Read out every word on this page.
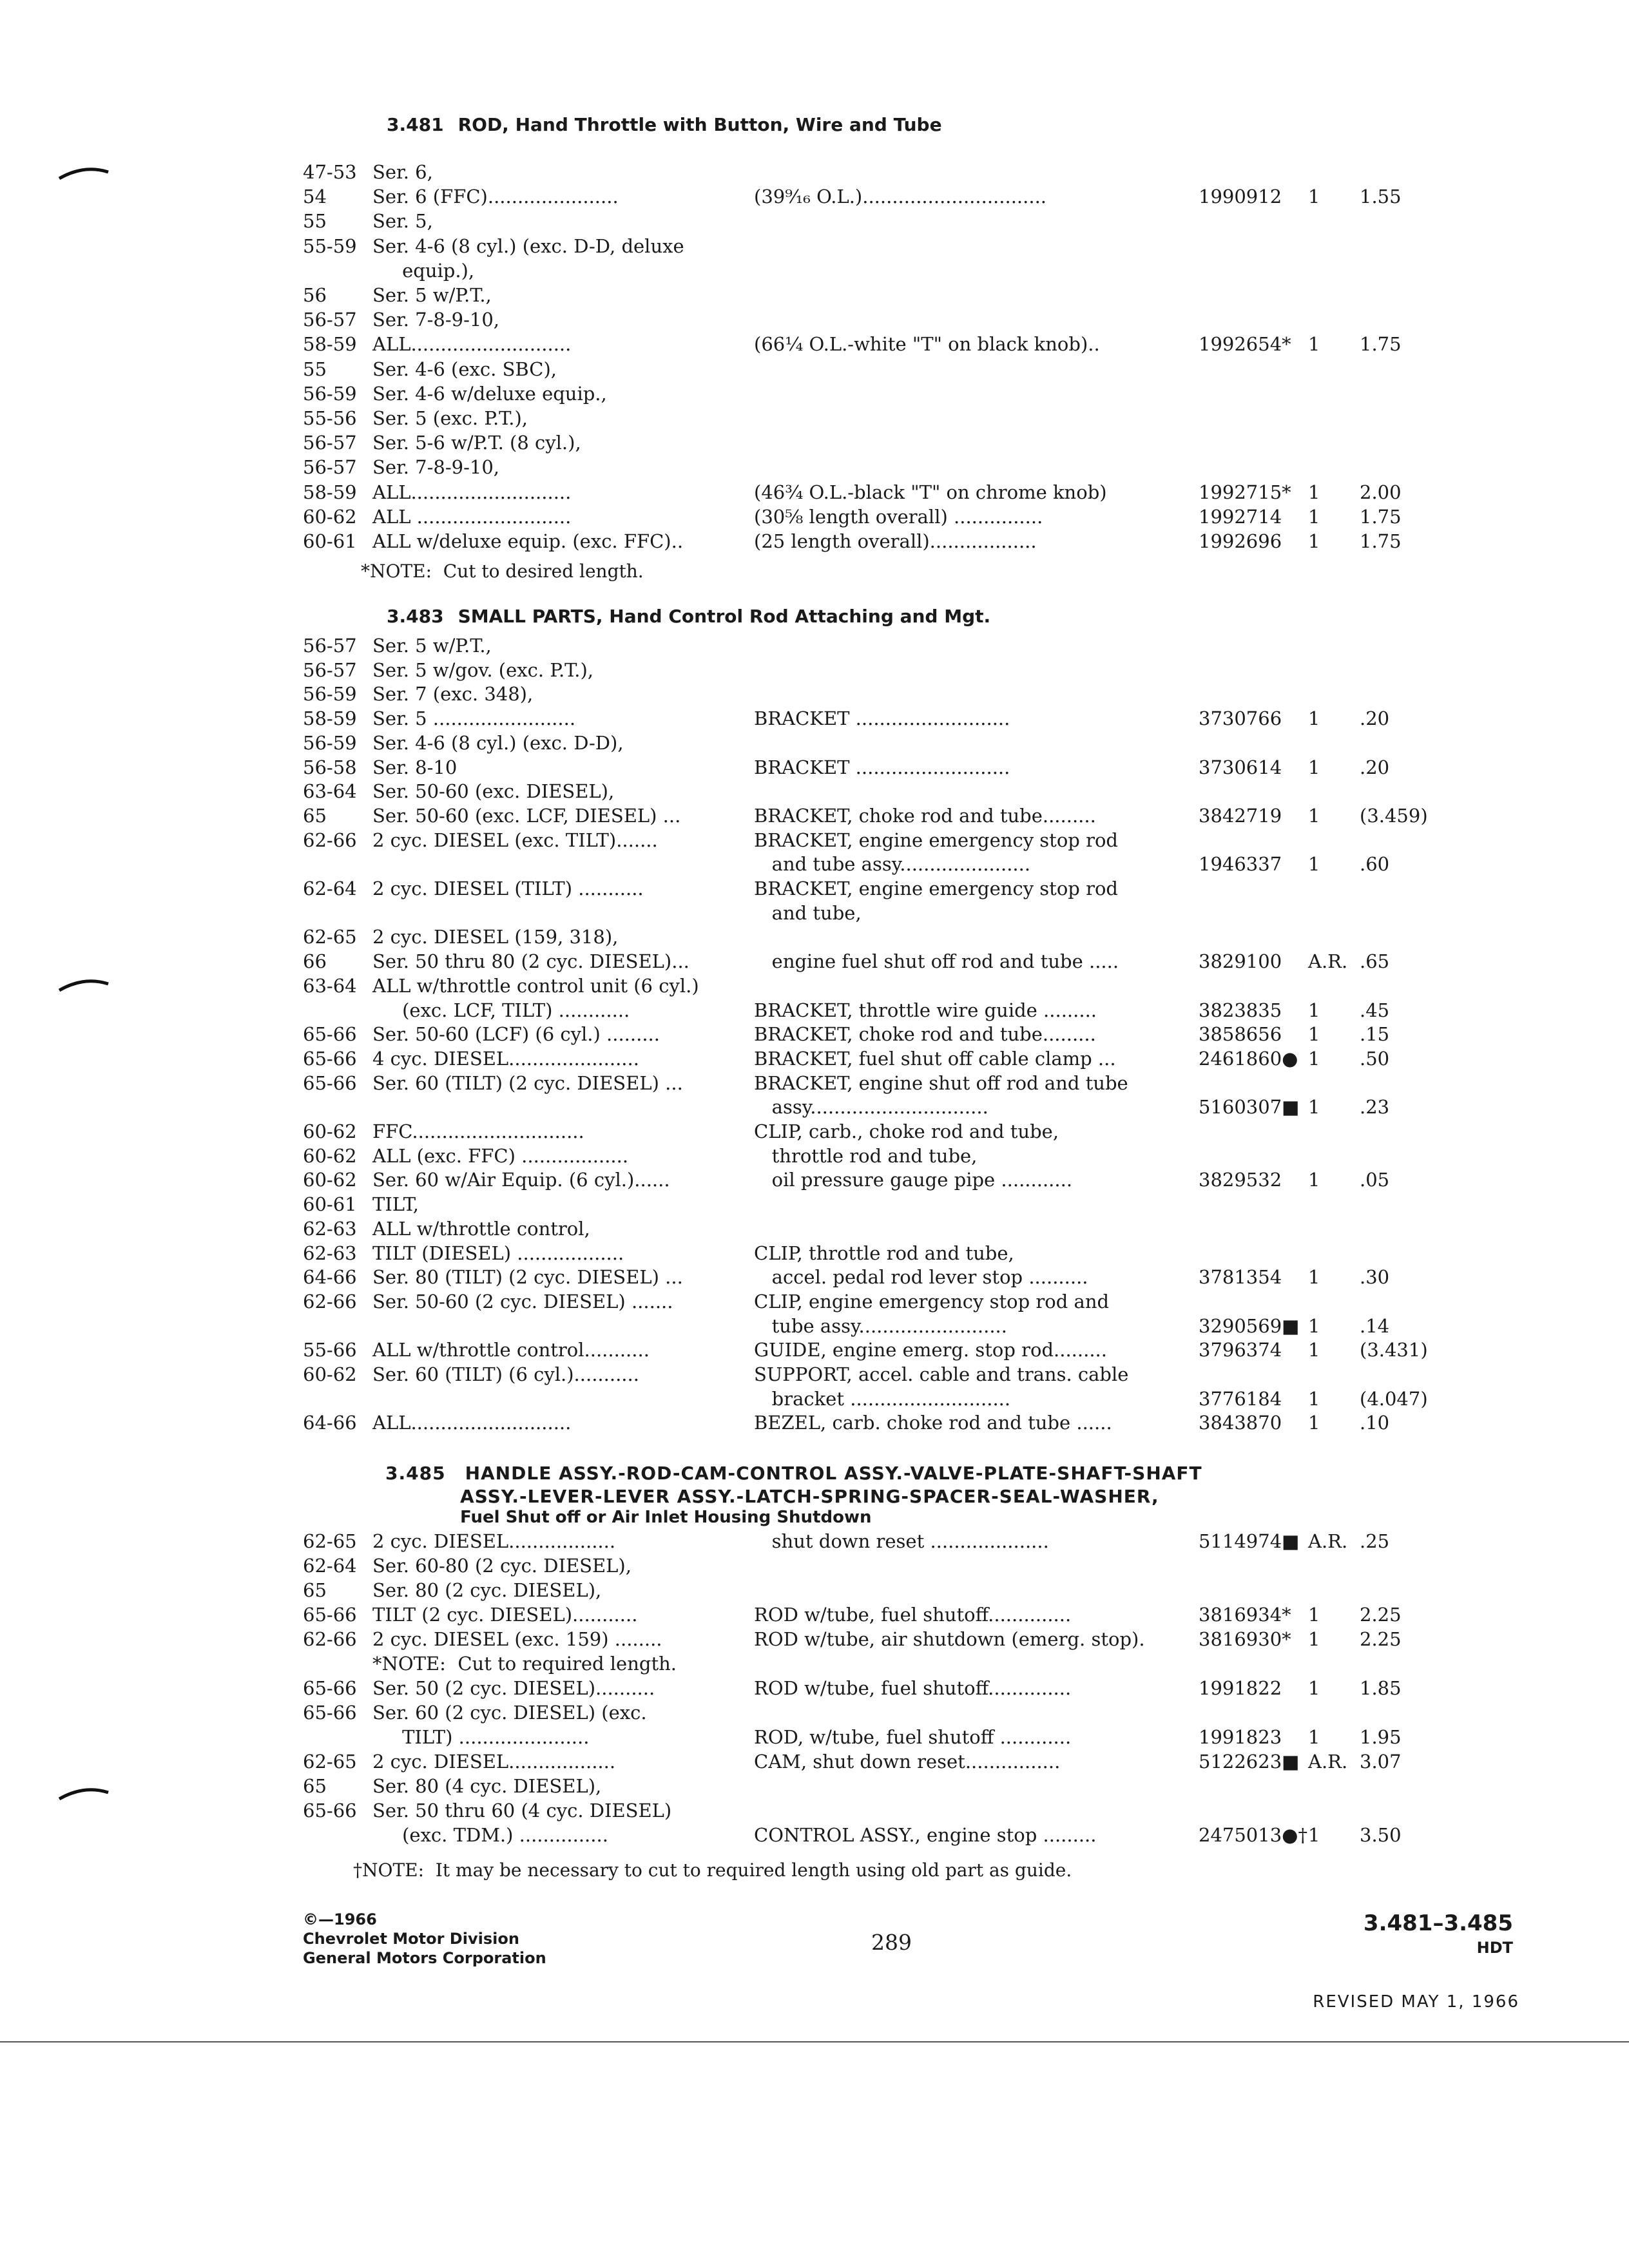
3.481 ROD, Hand Throttle with Button, Wire and Tube
47-53 Ser. 6,
54 Ser. 6 (FFC)......................	(39⁹⁄₁₆ O.L.)...............................	1990912 1 1.55
55 Ser. 5,
55-59 Ser. 4-6 (8 cyl.) (exc. D-D, deluxe
equip.),
56 Ser. 5 w/P.T.,
56-57 Ser. 7-8-9-10,
58-59 ALL...........................	(66¼ O.L.-white "T" on black knob)..	1992654* 1 1.75
55 Ser. 4-6 (exc. SBC),
56-59 Ser. 4-6 w/deluxe equip.,
55-56 Ser. 5 (exc. P.T.),
56-57 Ser. 5-6 w/P.T. (8 cyl.),
56-57 Ser. 7-8-9-10,
58-59 ALL...........................	(46¾ O.L.-black "T" on chrome knob)	1992715* 1 2.00
60-62 ALL ..........................	(30⅝ length overall) ...............	1992714 1 1.75
60-61 ALL w/deluxe equip. (exc. FFC)..	(25 length overall)..................	1992696 1 1.75
*NOTE:  Cut to desired length.
3.483 SMALL PARTS, Hand Control Rod Attaching and Mgt.
56-57 Ser. 5 w/P.T.,
56-57 Ser. 5 w/gov. (exc. P.T.),
56-59 Ser. 7 (exc. 348),
58-59 Ser. 5 ........................	BRACKET ..........................	3730766 1 .20
56-59 Ser. 4-6 (8 cyl.) (exc. D-D),
56-58 Ser. 8-10	BRACKET ..........................	3730614 1 .20
63-64 Ser. 50-60 (exc. DIESEL),
65 Ser. 50-60 (exc. LCF, DIESEL) ...	BRACKET, choke rod and tube.........	3842719 1 (3.459)
62-66 2 cyc. DIESEL (exc. TILT).......	BRACKET, engine emergency stop rod
and tube assy......................	1946337 1 .60
62-64 2 cyc. DIESEL (TILT) ...........	BRACKET, engine emergency stop rod
and tube,
62-65 2 cyc. DIESEL (159, 318),
66 Ser. 50 thru 80 (2 cyc. DIESEL)...	engine fuel shut off rod and tube .....	3829100 A.R. .65
63-64 ALL w/throttle control unit (6 cyl.)
(exc. LCF, TILT) ............	BRACKET, throttle wire guide .........	3823835 1 .45
65-66 Ser. 50-60 (LCF) (6 cyl.) .........	BRACKET, choke rod and tube.........	3858656 1 .15
65-66 4 cyc. DIESEL......................	BRACKET, fuel shut off cable clamp ...	2461860● 1 .50
65-66 Ser. 60 (TILT) (2 cyc. DIESEL) ...	BRACKET, engine shut off rod and tube
assy..............................	5160307■ 1 .23
60-62 FFC.............................	CLIP, carb., choke rod and tube,
60-62 ALL (exc. FFC) ..................	throttle rod and tube,
60-62 Ser. 60 w/Air Equip. (6 cyl.)......	oil pressure gauge pipe ............	3829532 1 .05
60-61 TILT,
62-63 ALL w/throttle control,
62-63 TILT (DIESEL) ..................	CLIP, throttle rod and tube,
64-66 Ser. 80 (TILT) (2 cyc. DIESEL) ...	accel. pedal rod lever stop ..........	3781354 1 .30
62-66 Ser. 50-60 (2 cyc. DIESEL) .......	CLIP, engine emergency stop rod and
tube assy.........................	3290569■ 1 .14
55-66 ALL w/throttle control...........	GUIDE, engine emerg. stop rod.........	3796374 1 (3.431)
60-62 Ser. 60 (TILT) (6 cyl.)...........	SUPPORT, accel. cable and trans. cable
bracket ...........................	3776184 1 (4.047)
64-66 ALL...........................	BEZEL, carb. choke rod and tube ......	3843870 1 .10
3.485 HANDLE ASSY.-ROD-CAM-CONTROL ASSY.-VALVE-PLATE-SHAFT-SHAFT
ASSY.-LEVER-LEVER ASSY.-LATCH-SPRING-SPACER-SEAL-WASHER,
Fuel Shut off or Air Inlet Housing Shutdown
62-65 2 cyc. DIESEL..................	shut down reset ....................	5114974■ A.R. .25
62-64 Ser. 60-80 (2 cyc. DIESEL),
65 Ser. 80 (2 cyc. DIESEL),
65-66 TILT (2 cyc. DIESEL)...........	ROD w/tube, fuel shutoff..............	3816934* 1 2.25
62-66 2 cyc. DIESEL (exc. 159) ........	ROD w/tube, air shutdown (emerg. stop).	3816930* 1 2.25
*NOTE:  Cut to required length.
65-66 Ser. 50 (2 cyc. DIESEL)..........	ROD w/tube, fuel shutoff..............	1991822 1 1.85
65-66 Ser. 60 (2 cyc. DIESEL) (exc.
TILT) ......................	ROD, w/tube, fuel shutoff ............	1991823 1 1.95
62-65 2 cyc. DIESEL..................	CAM, shut down reset................	5122623■ A.R. 3.07
65 Ser. 80 (4 cyc. DIESEL),
65-66 Ser. 50 thru 60 (4 cyc. DIESEL)
(exc. TDM.) ...............	CONTROL ASSY., engine stop .........	2475013●† 1 3.50
†NOTE:  It may be necessary to cut to required length using old part as guide.
©—1966
Chevrolet Motor Division
General Motors Corporation
289
3.481–3.485
HDT
REVISED MAY 1, 1966
